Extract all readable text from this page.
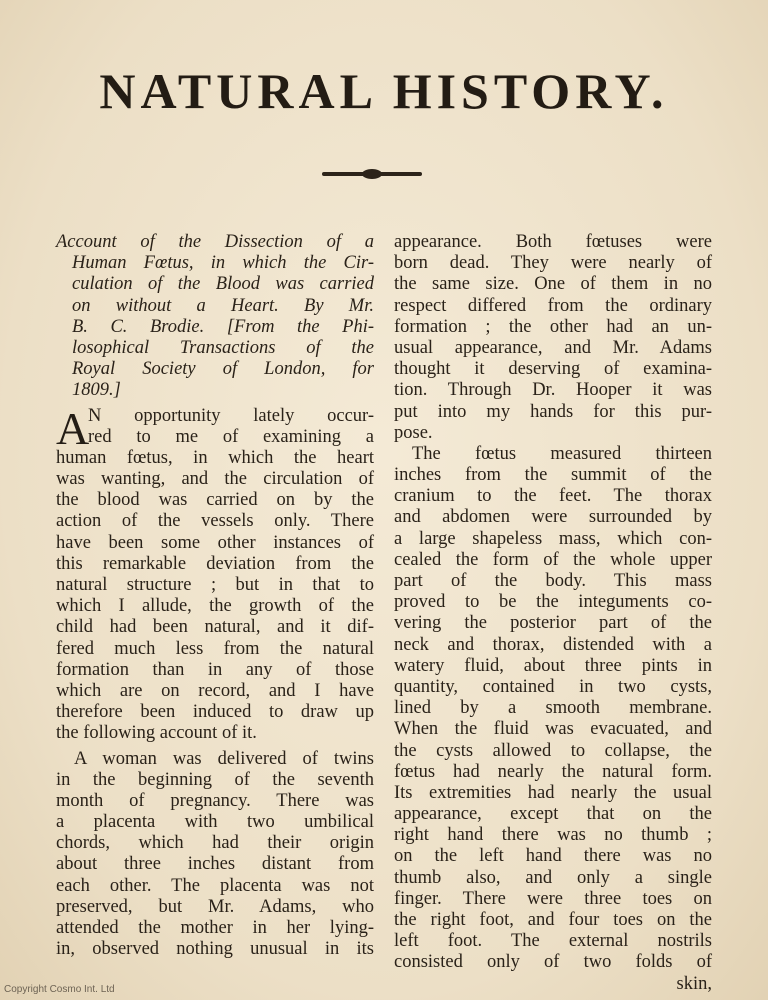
NATURAL HISTORY.
Account of the Dissection of a
Human Fœtus, in which the Cir-
culation of the Blood was carried
on without a Heart. By Mr.
B. C. Brodie. [From the Phi-
losophical Transactions of the
Royal Society of London, for
1809.]
A
N opportunity lately occur-
red to me of examining a
human fœtus, in which the heart
was wanting, and the circulation of
the blood was carried on by the
action of the vessels only. There
have been some other instances of
this remarkable deviation from the
natural structure ; but in that to
which I allude, the growth of the
child had been natural, and it dif-
fered much less from the natural
formation than in any of those
which are on record, and I have
therefore been induced to draw up
the following account of it.
A woman was delivered of twins
in the beginning of the seventh
month of pregnancy. There was
a placenta with two umbilical
chords, which had their origin
about three inches distant from
each other. The placenta was not
preserved, but Mr. Adams, who
attended the mother in her lying-
in, observed nothing unusual in its
appearance. Both fœtuses were
born dead. They were nearly of
the same size. One of them in no
respect differed from the ordinary
formation ; the other had an un-
usual appearance, and Mr. Adams
thought it deserving of examina-
tion. Through Dr. Hooper it was
put into my hands for this pur-
pose.
The fœtus measured thirteen
inches from the summit of the
cranium to the feet. The thorax
and abdomen were surrounded by
a large shapeless mass, which con-
cealed the form of the whole upper
part of the body. This mass
proved to be the integuments co-
vering the posterior part of the
neck and thorax, distended with a
watery fluid, about three pints in
quantity, contained in two cysts,
lined by a smooth membrane.
When the fluid was evacuated, and
the cysts allowed to collapse, the
fœtus had nearly the natural form.
Its extremities had nearly the usual
appearance, except that on the
right hand there was no thumb ;
on the left hand there was no
thumb also, and only a single
finger. There were three toes on
the right foot, and four toes on the
left foot. The external nostrils
consisted only of two folds of
skin,
Copyright Cosmo Int. Ltd
